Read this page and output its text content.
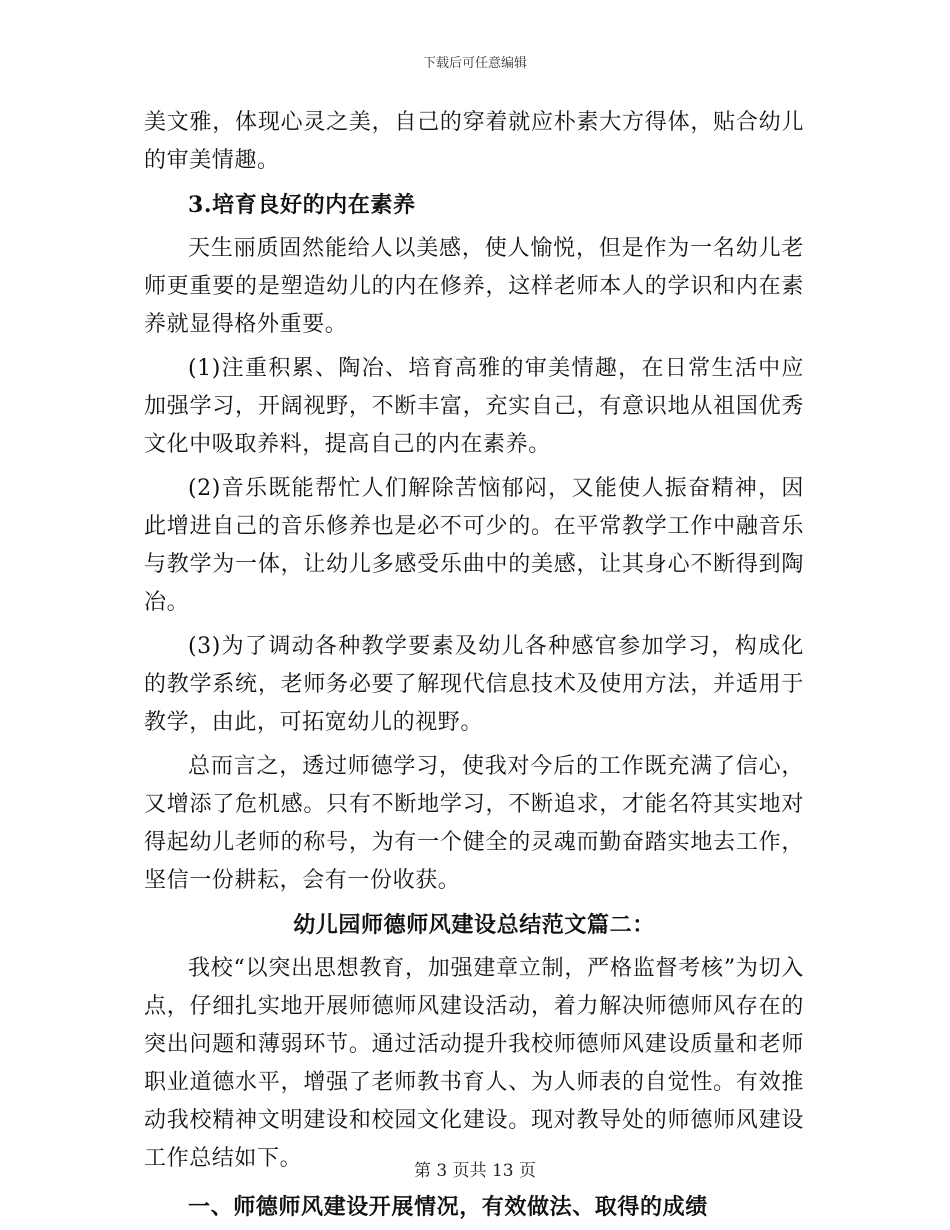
下载后可任意编辑

美文雅，体现心灵之美，自己的穿着就应朴素大方得体，贴合幼儿的审美情趣。

3.培育良好的内在素养

天生丽质固然能给人以美感，使人愉悦，但是作为一名幼儿老师更重要的是塑造幼儿的内在修养，这样老师本人的学识和内在素养就显得格外重要。

(1)注重积累、陶冶、培育高雅的审美情趣，在日常生活中应加强学习，开阔视野，不断丰富，充实自己，有意识地从祖国优秀文化中吸取养料，提高自己的内在素养。

(2)音乐既能帮忙人们解除苦恼郁闷，又能使人振奋精神，因此增进自己的音乐修养也是必不可少的。在平常教学工作中融音乐与教学为一体，让幼儿多感受乐曲中的美感，让其身心不断得到陶冶。

(3)为了调动各种教学要素及幼儿各种感官参加学习，构成化的教学系统，老师务必要了解现代信息技术及使用方法，并适用于教学，由此，可拓宽幼儿的视野。

总而言之，透过师德学习，使我对今后的工作既充满了信心，又增添了危机感。只有不断地学习，不断追求，才能名符其实地对得起幼儿老师的称号，为有一个健全的灵魂而勤奋踏实地去工作，坚信一份耕耘，会有一份收获。

幼儿园师德师风建设总结范文篇二：

我校“以突出思想教育，加强建章立制，严格监督考核”为切入点，仔细扎实地开展师德师风建设活动，着力解决师德师风存在的突出问题和薄弱环节。通过活动提升我校师德师风建设质量和老师职业道德水平，增强了老师教书育人、为人师表的自觉性。有效推动我校精神文明建设和校园文化建设。现对教导处的师德师风建设工作总结如下。

一、师德师风建设开展情况，有效做法、取得的成绩

第 3 页共 13 页
